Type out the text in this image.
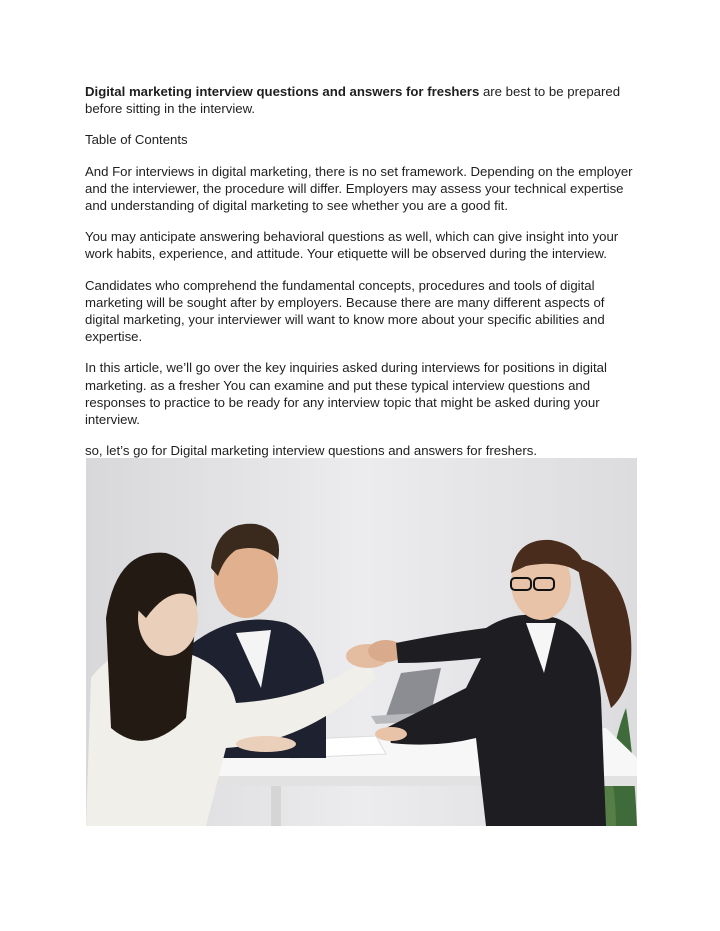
Digital marketing interview questions and answers for freshers are best to be prepared before sitting in the interview.

Table of Contents

And For interviews in digital marketing, there is no set framework. Depending on the employer and the interviewer, the procedure will differ. Employers may assess your technical expertise and understanding of digital marketing to see whether you are a good fit.

You may anticipate answering behavioral questions as well, which can give insight into your work habits, experience, and attitude. Your etiquette will be observed during the interview.

Candidates who comprehend the fundamental concepts, procedures and tools of digital marketing will be sought after by employers. Because there are many different aspects of digital marketing, your interviewer will want to know more about your specific abilities and expertise.

In this article, we’ll go over the key inquiries asked during interviews for positions in digital marketing. as a fresher You can examine and put these typical interview questions and responses to practice to be ready for any interview topic that might be asked during your interview.

so, let’s go for Digital marketing interview questions and answers for freshers.
